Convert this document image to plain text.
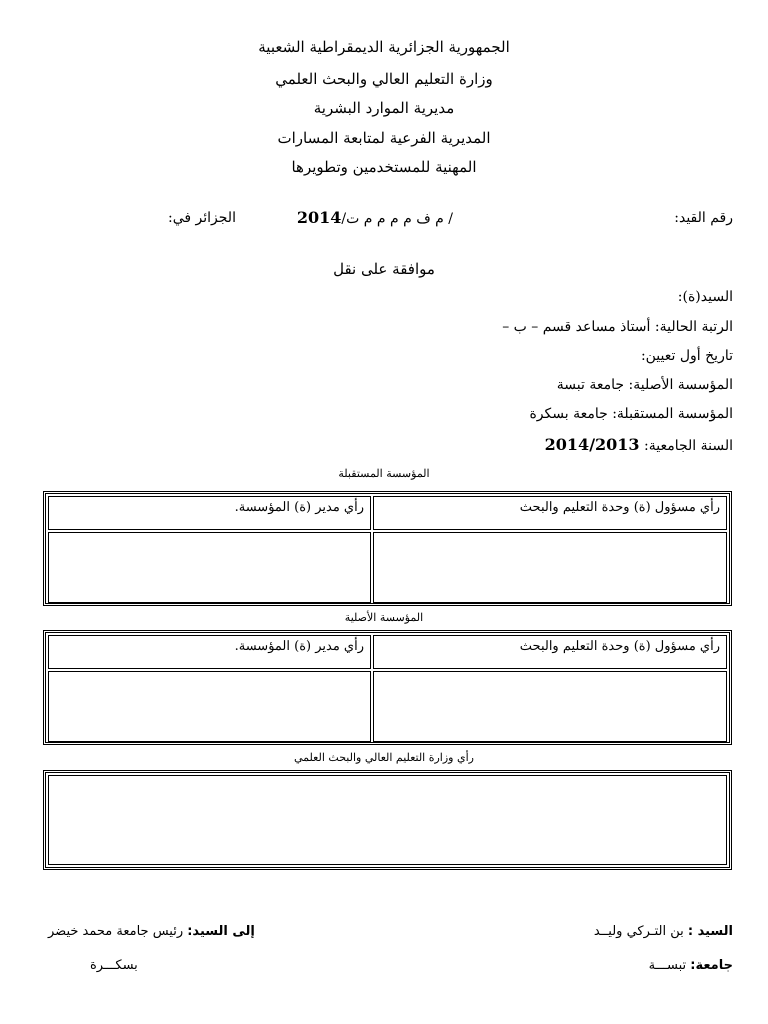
الجمهورية الجزائرية الديمقراطية الشعبية
وزارة التعليم العالي والبحث العلمي
مديرية الموارد البشرية
المديرية الفرعية لمتابعة المسارات
المهنية للمستخدمين وتطويرها
رقم القيد:
/ م ف م م م م ت/2014
الجزائر في:
موافقة على نقل
السيد(ة):
الرتبة الحالية: أستاذ مساعد قسم – ب –
تاريخ أول تعيين:
المؤسسة الأصلية: جامعة تبسة
المؤسسة المستقبلة: جامعة بسكرة
السنة الجامعية: 2014/2013
المؤسسة المستقبلة
رأي مسؤول (ة) وحدة التعليم والبحث
رأي مدير (ة) المؤسسة.
المؤسسة الأصلية
رأي مسؤول (ة) وحدة التعليم والبحث
رأي مدير (ة) المؤسسة.
رأي وزارة التعليم العالي والبحث العلمي
السيد : بن التـركي وليــد
جامعة: تبســـة
إلى السيد: رئيس جامعة محمد خيضر
بسكـــرة
